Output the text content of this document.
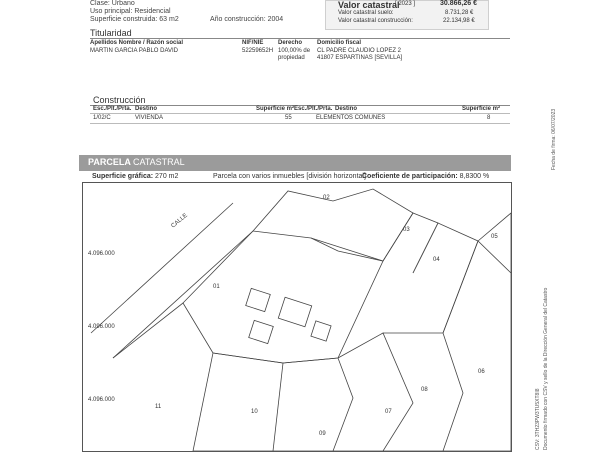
Clase: Urbano
Uso principal: Residencial
Superficie construida: 63 m2	Año construcción: 2004
Valor catastral
[ 2023 ]	30.866,26 €
Valor catastral suelo:	8.731,28 €
Valor catastral construcción:	22.134,98 €
Titularidad
Apellidos Nombre / Razón social	NIF/NIE Derecho Domicilio fiscal
MARTIN GARCIA PABLO DAVID	52259652H 100,00% de
propiedad
CL PADRE CLAUDIO LOPEZ 2
41807 ESPARTINAS [SEVILLA]
Construcción
Esc./Plt./Prta. Destino	Superficie m² Esc./Plt./Prta. Destino	Superficie m²
1/02/C	VIVIENDA	55	ELEMENTOS COMUNES	8
PARCELA CATASTRAL
Superficie gráfica: 270 m2	Parcela con varios inmuebles [división horizontal]
Coeficiente de participación: 8,8300 %
02
03
04
01
11
10
09
08
07
06
05
CALLE
4.096.000
4.096.000
4.096.000	CSV: 3TH23PW3TU5XT8I8 Documento firmado con CSV y sello de la Dirección General del Catastro
Fecha de firma: 06/07/2023
